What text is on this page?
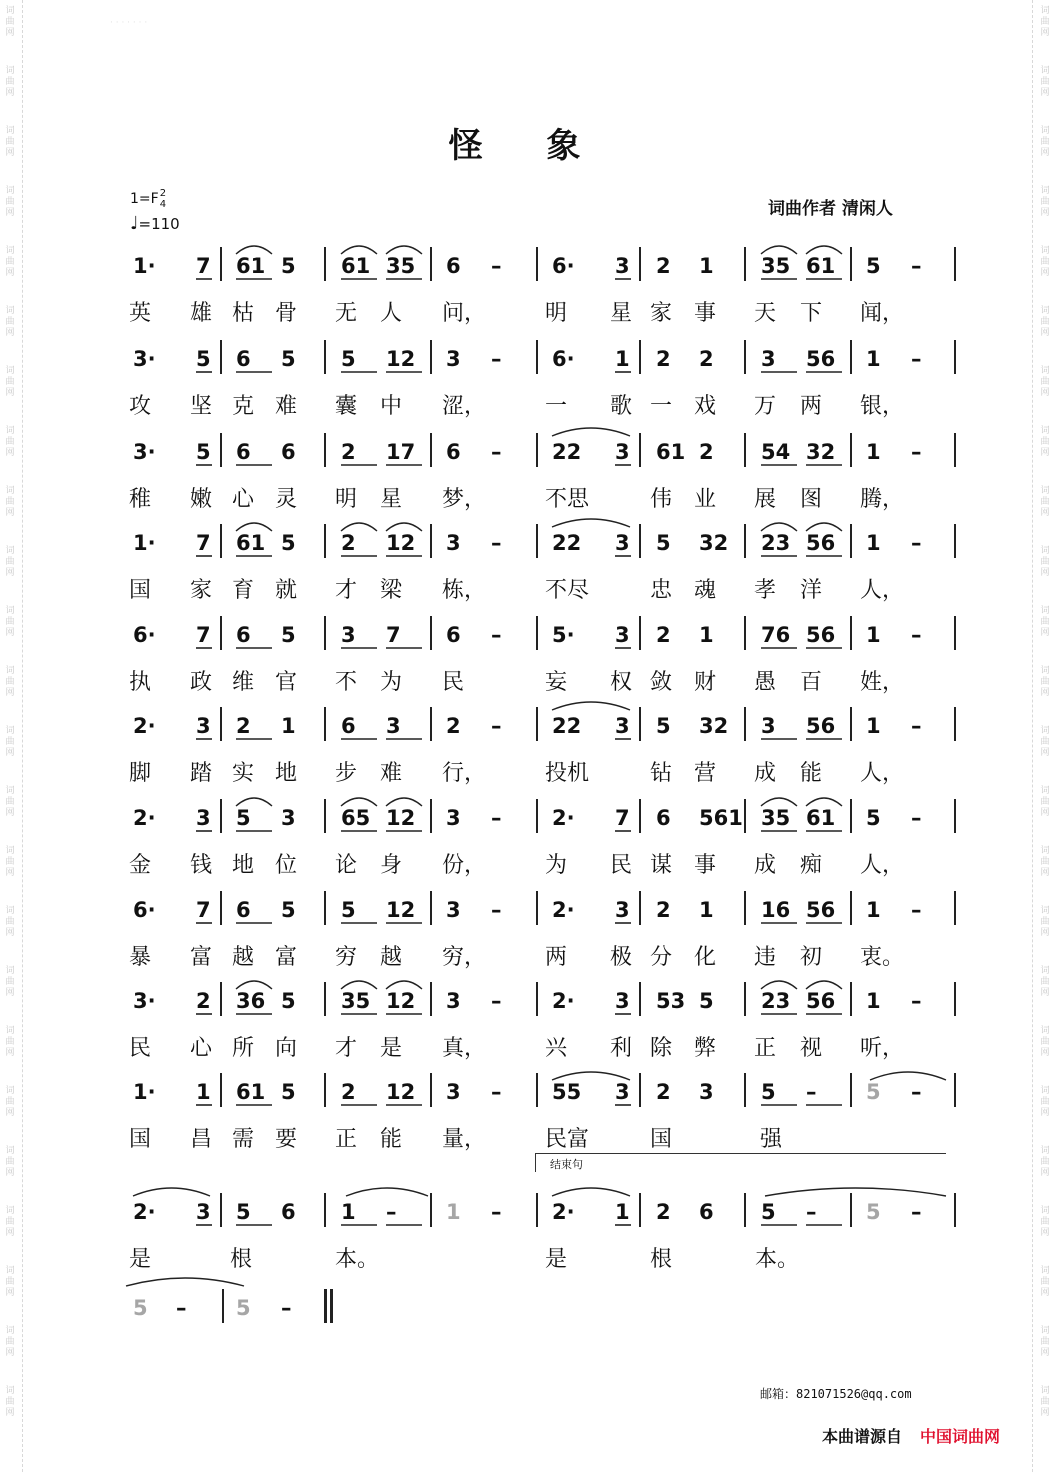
词
曲
网
词
曲
网
词
曲
网
词
曲
网
词
曲
网
词
曲
网
词
曲
网
词
曲
网
词
曲
网
词
曲
网
词
曲
网
词
曲
网
词
曲
网
词
曲
网
词
曲
网
词
曲
网
词
曲
网
词
曲
网
词
曲
网
词
曲
网
词
曲
网
词
曲
网
词
曲
网
词
曲
网
词
曲
网
词
曲
网
词
曲
网
词
曲
网
词
曲
网
词
曲
网
词
曲
网
词
曲
网
词
曲
网
词
曲
网
词
曲
网
词
曲
网
词
曲
网
词
曲
网
词
曲
网
词
曲
网
词
曲
网
词
曲
网
词
曲
网
词
曲
网
词
曲
网
词
曲
网
词
曲
网
词
曲
网
· · · · · · ·
怪 象
1=F2
4
♩=110
词曲作者 清闲人
1· 7 61 5 61 35 6 – 6· 3 2 1 35 61 5 –
英 雄 枯 骨 无 人 问，	明 星 家 事 天 下 闻，
3· 5 6 5 5 12 3 – 6· 1 2 2 3 56 1 –
攻 坚 克 难 囊 中 涩，	一 歌 一 戏 万 两 银，
3· 5 6 6 2 17 6 – 22 3 61 2 54 32 1 –
稚 嫩 心 灵 明 星 梦，	不思	伟 业 展 图 腾，
1· 7 61 5 2 12 3 – 22 3 5 32 23 56 1 –
国 家 育 就 才 梁 栋，	不尽	忠 魂 孝 洋 人，
6· 7 6 5 3 7 6 – 5· 3 2 1 76 56 1 –
执 政 维 官 不 为 民	妄 权 敛 财 愚 百 姓，
2· 3 2 1 6 3 2 – 22 3 5 32 3 56 1 –
脚 踏 实 地 步 难 行，	投机	钻 营 成 能 人，
2· 3 5 3 65 12 3 – 2· 7 6 561 35 61 5 –
金 钱 地 位 论 身 份，	为 民 谋 事 成 痴 人，
6· 7 6 5 5 12 3 – 2· 3 2 1 16 56 1 –
暴 富 越 富 穷 越 穷，	两 极 分 化 违 初 衷。
3· 2 36 5 35 12 3 – 2· 3 53 5 23 56 1 –
民 心 所 向 才 是 真，	兴 利 除 弊 正 视 听，
1· 1 61 5 2 12 3 – 55 3 2 3 5 – 5 –
国 昌 需 要 正 能 量，	民富	国	强
2· 3 5 6 1 – 1 – 2· 1 2 6 5 – 5 –
是	根	本。	是	根	本。
5 – 5 –
结束句
邮箱：821071526@qq.com
本曲谱源自 中国词曲网
